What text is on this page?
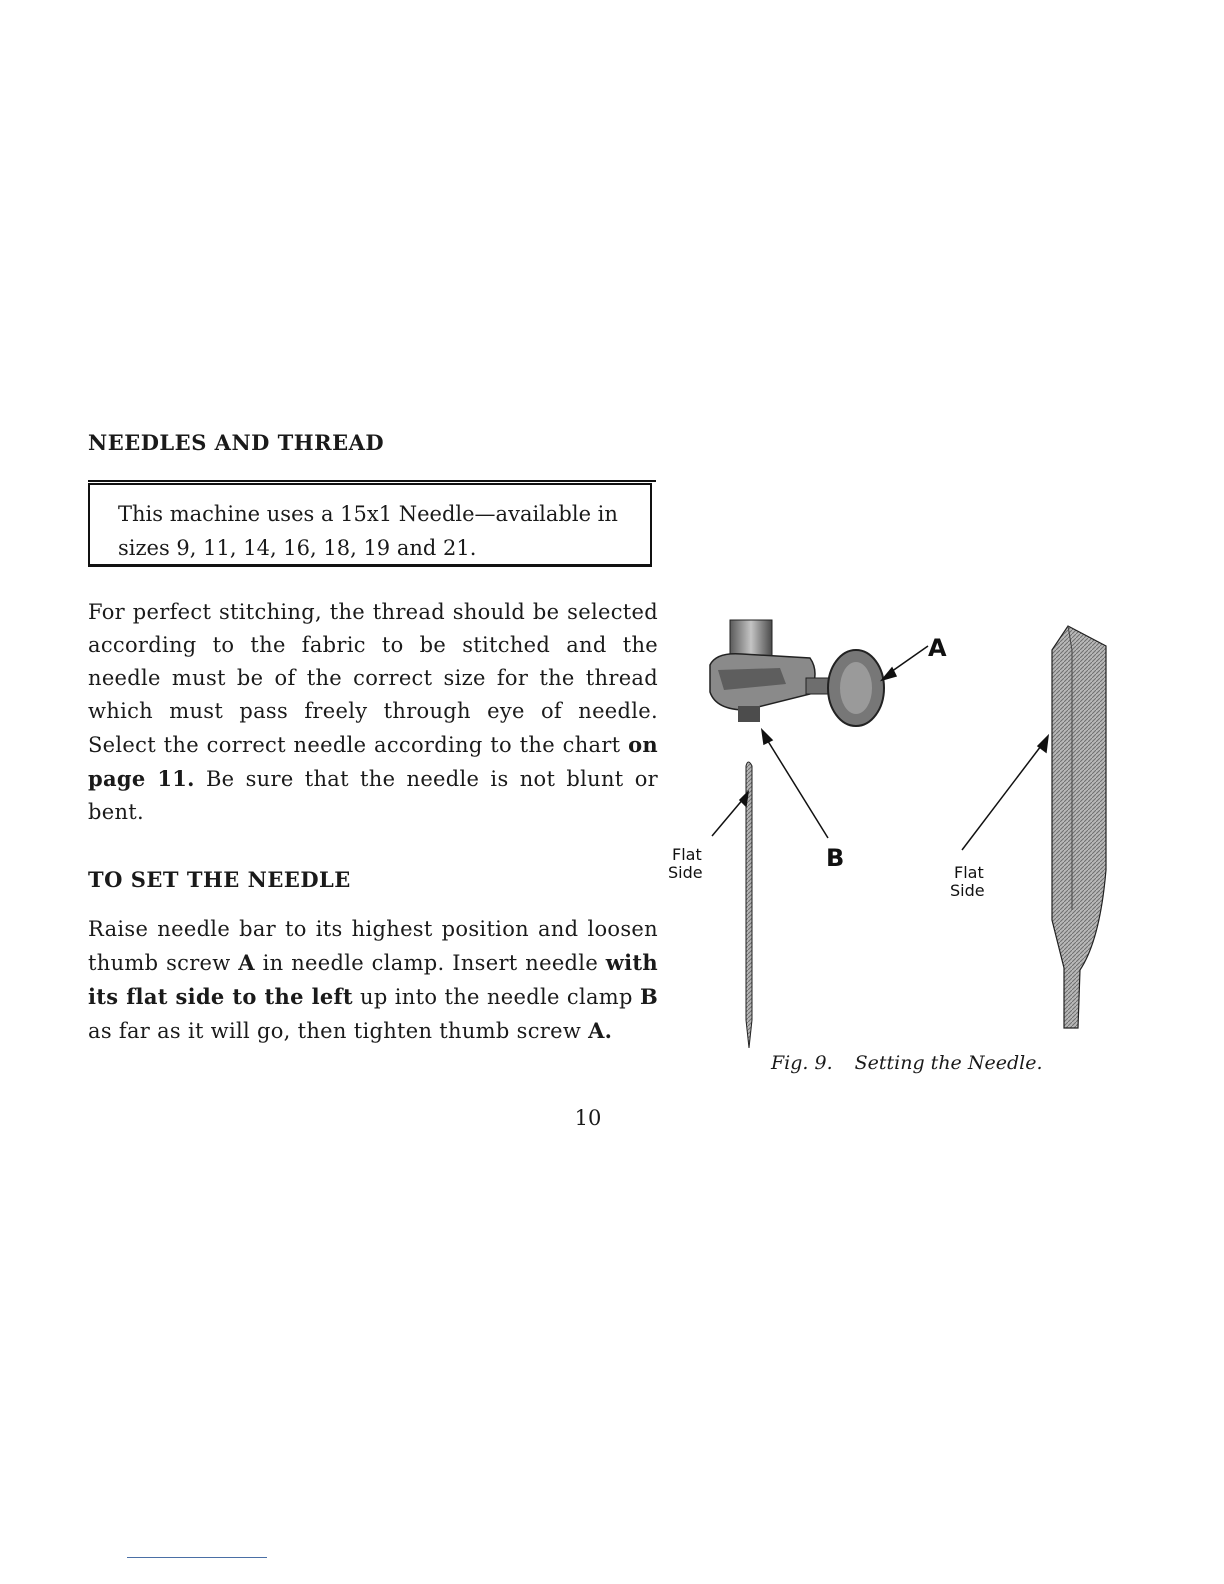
NEEDLES AND THREAD

This machine uses a 15x1 Needle—available in sizes 9, 11, 14, 16, 18, 19 and 21.

For perfect stitching, the thread should be selected according to the fabric to be stitched and the needle must be of the correct size for the thread which must pass freely through eye of needle. Select the correct needle according to the chart on page 11. Be sure that the needle is not blunt or bent.

TO SET THE NEEDLE

Raise needle bar to its highest position and loosen thumb screw A in needle clamp. Insert needle with its flat side to the left up into the needle clamp B as far as it will go, then tighten thumb screw A.

A
B
Flat Side	Flat Side

Fig. 9. Setting the Needle.

10
